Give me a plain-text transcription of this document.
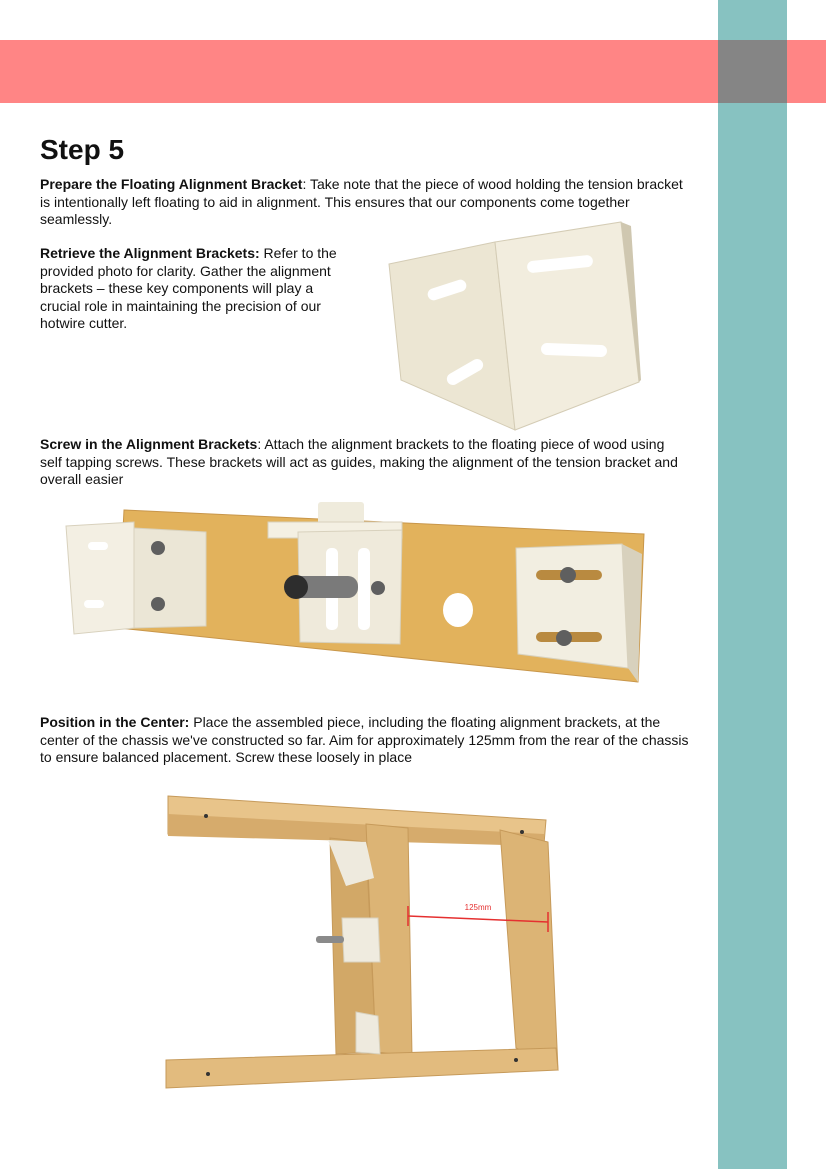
Step 5

Prepare the Floating Alignment Bracket: Take note that the piece of wood holding the tension bracket is intentionally left floating to aid in alignment. This ensures that our components come together seamlessly.

Retrieve the Alignment Brackets: Refer to the provided photo for clarity. Gather the alignment brackets – these key components will play a crucial role in maintaining the precision of our hotwire cutter.

Screw in the Alignment Brackets: Attach the alignment brackets to the floating piece of wood using self tapping screws. These brackets will act as guides, making the alignment of the tension bracket and overall easier

Position in the Center: Place the assembled piece, including the floating alignment brackets, at the center of the chassis we've constructed so far. Aim for approximately 125mm from the rear of the chassis to ensure balanced placement. Screw these loosely in place

125mm
